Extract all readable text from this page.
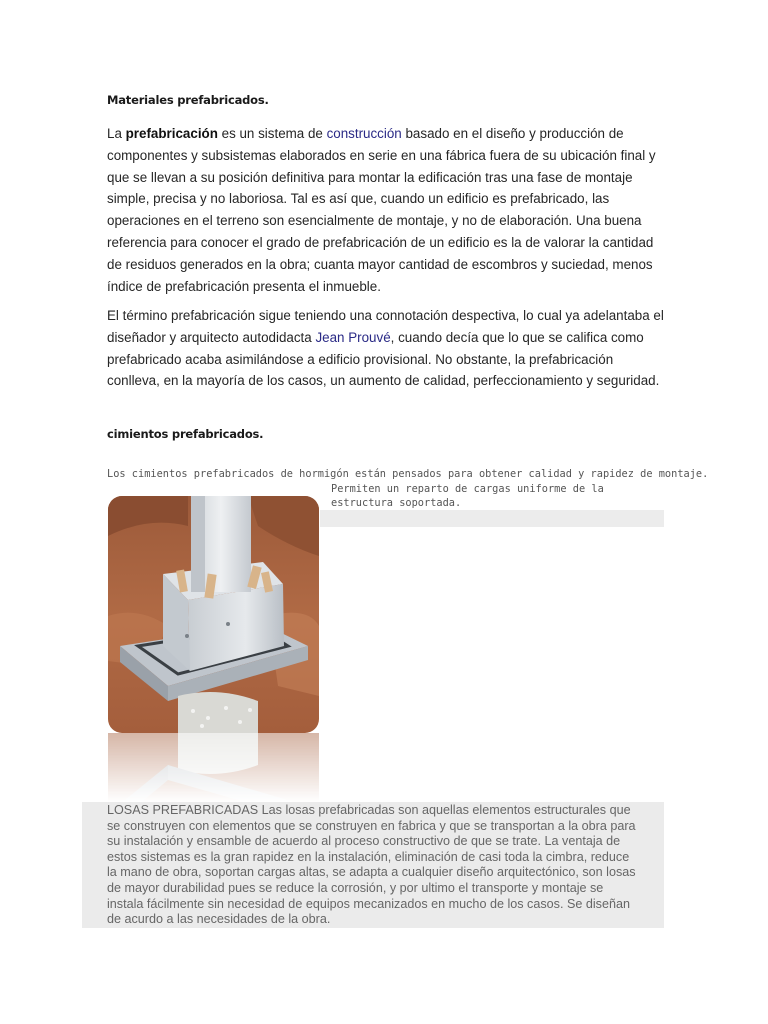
Materiales prefabricados.
La prefabricación es un sistema de construcción basado en el diseño y producción de componentes y subsistemas elaborados en serie en una fábrica fuera de su ubicación final y que se llevan a su posición definitiva para montar la edificación tras una fase de montaje simple, precisa y no laboriosa. Tal es así que, cuando un edificio es prefabricado, las operaciones en el terreno son esencialmente de montaje, y no de elaboración. Una buena referencia para conocer el grado de prefabricación de un edificio es la de valorar la cantidad de residuos generados en la obra; cuanta mayor cantidad de escombros y suciedad, menos índice de prefabricación presenta el inmueble.
El término prefabricación sigue teniendo una connotación despectiva, lo cual ya adelantaba el diseñador y arquitecto autodidacta Jean Prouvé, cuando decía que lo que se califica como prefabricado acaba asimilándose a edificio provisional. No obstante, la prefabricación conlleva, en la mayoría de los casos, un aumento de calidad, perfeccionamiento y seguridad.
cimientos prefabricados.
Los cimientos prefabricados de hormigón están pensados para obtener calidad y rapidez de montaje.
Permiten un reparto de cargas uniforme de la estructura soportada.
LOSAS PREFABRICADAS Las losas prefabricadas son aquellas elementos estructurales que
se construyen con elementos que se construyen en fabrica y que se transportan a la obra para
su instalación y ensamble de acuerdo al proceso constructivo de que se trate. La ventaja de
estos sistemas es la gran rapidez en la instalación, eliminación de casi toda la cimbra, reduce
la mano de obra, soportan cargas altas, se adapta a cualquier diseño arquitectónico, son losas
de mayor durabilidad pues se reduce la corrosión, y por ultimo el transporte y montaje se
instala fácilmente sin necesidad de equipos mecanizados en mucho de los casos. Se diseñan
de acurdo a las necesidades de la obra.
